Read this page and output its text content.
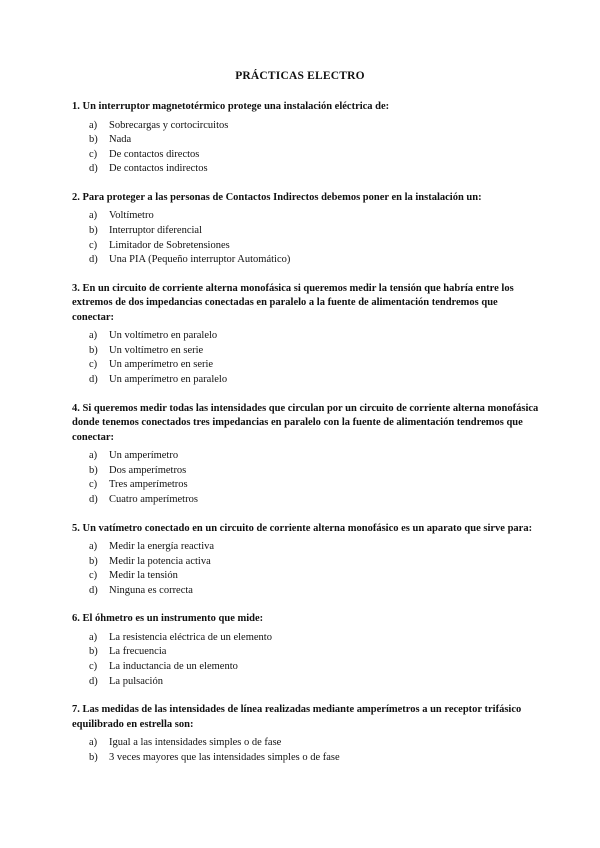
PRÁCTICAS ELECTRO
1. Un interruptor magnetotérmico protege una instalación eléctrica de:
a)	Sobrecargas y cortocircuitos
b)	Nada
c)	De contactos directos
d)	De contactos indirectos
2. Para proteger a las personas de Contactos Indirectos debemos poner en la instalación un:
a)	Voltímetro
b)	Interruptor diferencial
c)	Limitador de Sobretensiones
d)	Una PIA (Pequeño interruptor Automático)
3. En un circuito de corriente alterna monofásica si queremos medir la tensión que habría entre los extremos de dos impedancias conectadas en paralelo a la fuente de alimentación tendremos que conectar:
a)	Un voltímetro en paralelo
b)	Un voltímetro en serie
c)	Un amperímetro en serie
d)	Un amperímetro en paralelo
4. Si queremos medir todas las intensidades que circulan por un circuito de corriente alterna monofásica donde tenemos conectados tres impedancias en paralelo con la fuente de alimentación tendremos que conectar:
a)	Un amperímetro
b)	Dos amperímetros
c)	Tres amperímetros
d)	Cuatro amperímetros
5. Un vatímetro conectado en un circuito de corriente alterna monofásico es un aparato que sirve para:
a)	Medir la energía reactiva
b)	Medir la potencia activa
c)	Medir la tensión
d)	Ninguna es correcta
6. El óhmetro es un instrumento que mide:
a)	La resistencia eléctrica de un elemento
b)	La frecuencia
c)	La inductancia de un elemento
d)	La pulsación
7. Las medidas de las intensidades de línea realizadas mediante amperímetros a un receptor trifásico equilibrado en estrella son:
a)	Igual a las intensidades simples o de fase
b)	3 veces mayores que las intensidades simples o de fase
